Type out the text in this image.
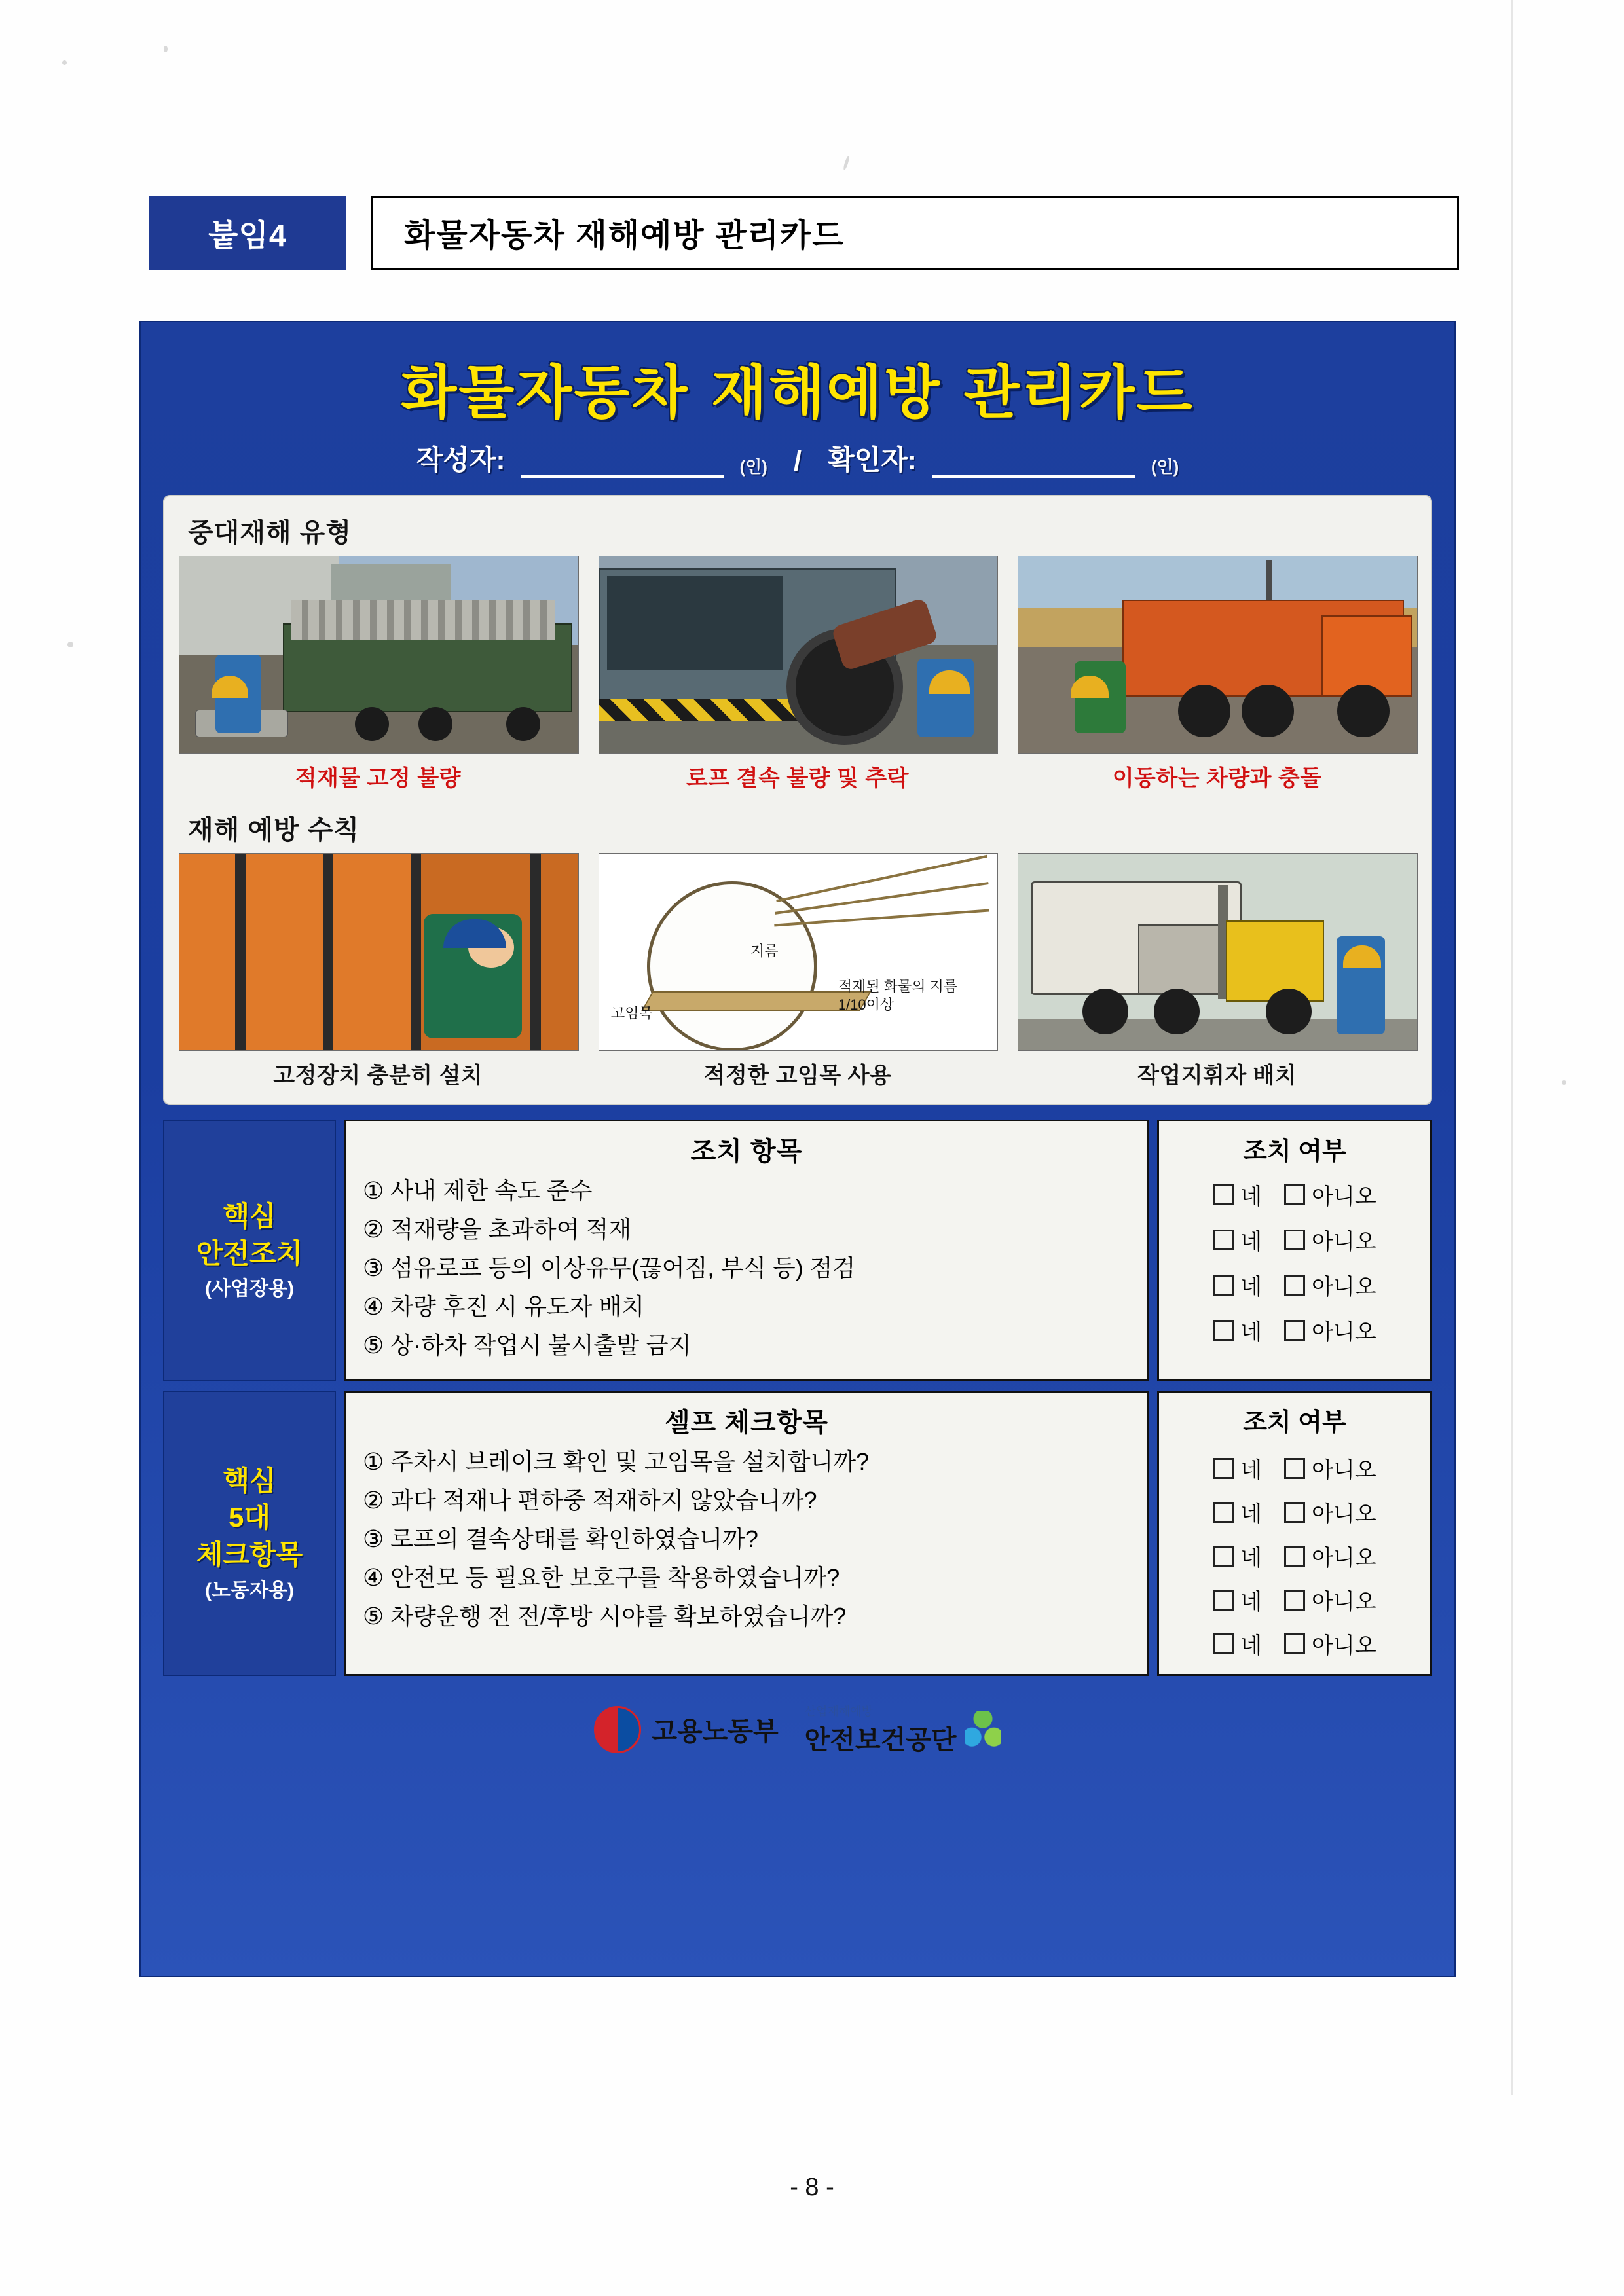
붙임4	화물자동차 재해예방 관리카드
화물자동차 재해예방 관리카드
작성자:	(인) / 확인자:	(인)
중대재해 유형
적재물 고정 불량	로프 결속 불량 및 추락	이동하는 차량과 충돌
재해 예방 수칙
고정장치 충분히 설치
지름
고임목
적재된 화물의 지름 1/10이상
적정한 고임목 사용	작업지휘자 배치
핵심
안전조치
(사업장용)
조치 항목

① 사내 제한 속도 준수

② 적재량을 초과하여 적재

③ 섬유로프 등의 이상유무(끊어짐, 부식 등) 점검

④ 차량 후진 시 유도자 배치

⑤ 상·하차 작업시 불시출발 금지

조치 여부
네	아니오
네	아니오
네	아니오
네	아니오
핵심
5대
체크항목
(노동자용)
셀프 체크항목

① 주차시 브레이크 확인 및 고임목을 설치합니까?

② 과다 적재나 편하중 적재하지 않았습니까?

③ 로프의 결속상태를 확인하였습니까?

④ 안전모 등 필요한 보호구를 착용하였습니까?

⑤ 차량운행 전 전/후방 시야를 확보하였습니까?

조치 여부
네	아니오
네	아니오
네	아니오
네	아니오
네	아니오
고용노동부
산업재해예방
안전보건공단
- 8 -
